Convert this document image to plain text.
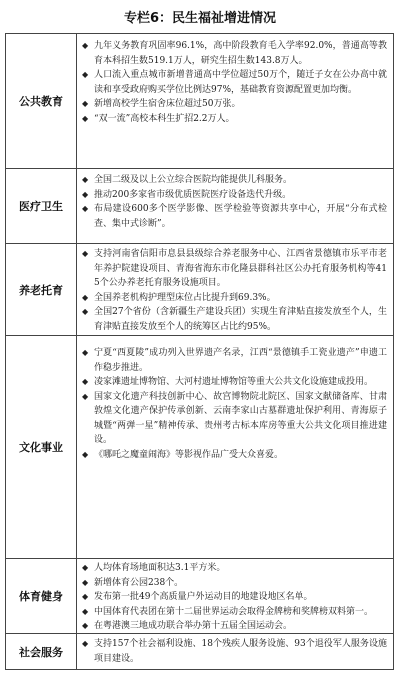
专栏6：民生福祉增进情况
公共教育
◆ 九年义务教育巩固率96.1%，高中阶段教育毛入学率92.0%，普通高等教育本科招生数519.1万人，研究生招生数143.8万人。
◆ 人口流入重点城市新增普通高中学位超过50万个，随迁子女在公办高中就读和享受政府购买学位比例达97%，基础教育资源配置更加均衡。
◆ 新增高校学生宿舍床位超过50万张。
◆ “双一流”高校本科生扩招2.2万人。
医疗卫生
◆ 全国二级及以上公立综合医院均能提供儿科服务。
◆ 推动200多家省市级优质医院医疗设备迭代升级。
◆ 布局建设600多个医学影像、医学检验等资源共享中心，开展“分布式检查、集中式诊断”。
养老托育
◆ 支持河南省信阳市息县县级综合养老服务中心、江西省景德镇市乐平市老年养护院建设项目、青海省海东市化隆县群科社区公办托育服务机构等415个公办养老托育服务设施项目。
◆ 全国养老机构护理型床位占比提升到69.3%。
◆ 全国27个省份（含新疆生产建设兵团）实现生育津贴直接发放至个人，生育津贴直接发放至个人的统筹区占比约95%。
文化事业
◆ 宁夏“西夏陵”成功列入世界遗产名录，江西“景德镇手工瓷业遗产”申遗工作稳步推进。
◆ 凌家滩遗址博物馆、大河村遗址博物馆等重大公共文化设施建成投用。
◆ 国家文化遗产科技创新中心、故宫博物院北院区、国家文献储备库、甘肃敦煌文化遗产保护传承创新、云南李家山古墓群遗址保护利用、青海原子城暨“两弹一星”精神传承、贵州考古标本库房等重大公共文化项目推进建设。
◆ 《哪吒之魔童闹海》等影视作品广受大众喜爱。
体育健身
◆ 人均体育场地面积达3.1平方米。
◆ 新增体育公园238个。
◆ 发布第一批49个高质量户外运动目的地建设地区名单。
◆ 中国体育代表团在第十二届世界运动会取得金牌榜和奖牌榜双料第一。
◆ 在粤港澳三地成功联合举办第十五届全国运动会。
社会服务
◆ 支持157个社会福利设施、18个残疾人服务设施、93个退役军人服务设施项目建设。
